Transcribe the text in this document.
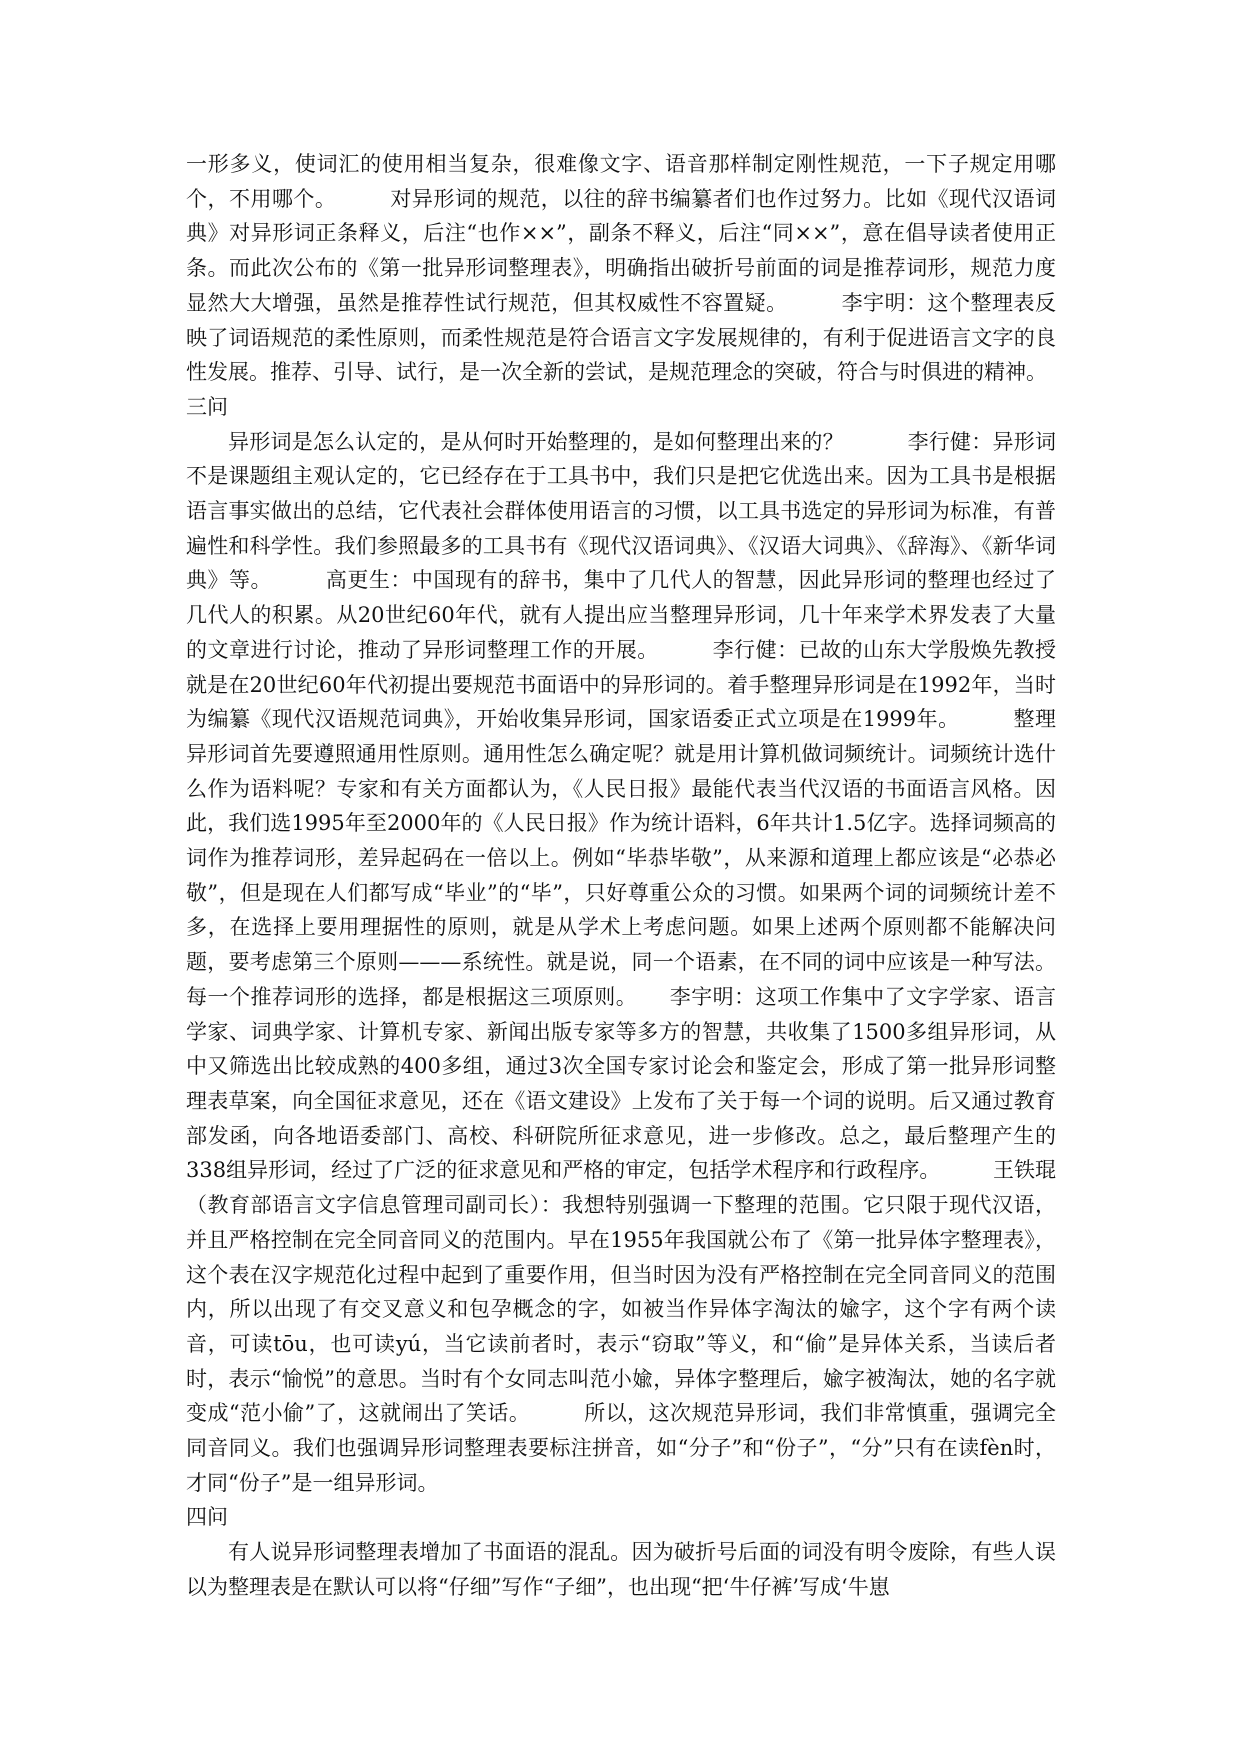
一形多义，使词汇的使用相当复杂，很难像文字、语音那样制定刚性规范，一下子规定用哪个，不用哪个。　　　对异形词的规范，以往的辞书编纂者们也作过努力。比如《现代汉语词典》对异形词正条释义，后注“也作××”，副条不释义，后注“同××”，意在倡导读者使用正条。而此次公布的《第一批异形词整理表》，明确指出破折号前面的词是推荐词形，规范力度显然大大增强，虽然是推荐性试行规范，但其权威性不容置疑。　　　李宇明：这个整理表反映了词语规范的柔性原则，而柔性规范是符合语言文字发展规律的，有利于促进语言文字的良性发展。推荐、引导、试行，是一次全新的尝试，是规范理念的突破，符合与时俱进的精神。

三问

异形词是怎么认定的，是从何时开始整理的，是如何整理出来的？　　　李行健：异形词不是课题组主观认定的，它已经存在于工具书中，我们只是把它优选出来。因为工具书是根据语言事实做出的总结，它代表社会群体使用语言的习惯，以工具书选定的异形词为标准，有普遍性和科学性。我们参照最多的工具书有《现代汉语词典》、《汉语大词典》、《辞海》、《新华词典》等。　　　高更生：中国现有的辞书，集中了几代人的智慧，因此异形词的整理也经过了几代人的积累。从20世纪60年代，就有人提出应当整理异形词，几十年来学术界发表了大量的文章进行讨论，推动了异形词整理工作的开展。　　　李行健：已故的山东大学殷焕先教授就是在20世纪60年代初提出要规范书面语中的异形词的。着手整理异形词是在1992年，当时为编纂《现代汉语规范词典》，开始收集异形词，国家语委正式立项是在1999年。　　　整理异形词首先要遵照通用性原则。通用性怎么确定呢？就是用计算机做词频统计。词频统计选什么作为语料呢？专家和有关方面都认为，《人民日报》最能代表当代汉语的书面语言风格。因此，我们选1995年至2000年的《人民日报》作为统计语料，6年共计1.5亿字。选择词频高的词作为推荐词形，差异起码在一倍以上。例如“毕恭毕敬”，从来源和道理上都应该是“必恭必敬”，但是现在人们都写成“毕业”的“毕”，只好尊重公众的习惯。如果两个词的词频统计差不多，在选择上要用理据性的原则，就是从学术上考虑问题。如果上述两个原则都不能解决问题，要考虑第三个原则———系统性。就是说，同一个语素，在不同的词中应该是一种写法。每一个推荐词形的选择，都是根据这三项原则。　　李宇明：这项工作集中了文字学家、语言学家、词典学家、计算机专家、新闻出版专家等多方的智慧，共收集了1500多组异形词，从中又筛选出比较成熟的400多组，通过3次全国专家讨论会和鉴定会，形成了第一批异形词整理表草案，向全国征求意见，还在《语文建设》上发布了关于每一个词的说明。后又通过教育部发函，向各地语委部门、高校、科研院所征求意见，进一步修改。总之，最后整理产生的338组异形词，经过了广泛的征求意见和严格的审定，包括学术程序和行政程序。　　　王铁琨（教育部语言文字信息管理司副司长）：我想特别强调一下整理的范围。它只限于现代汉语，并且严格控制在完全同音同义的范围内。早在1955年我国就公布了《第一批异体字整理表》，这个表在汉字规范化过程中起到了重要作用，但当时因为没有严格控制在完全同音同义的范围内，所以出现了有交叉意义和包孕概念的字，如被当作异体字淘汰的婾字，这个字有两个读音，可读tōu，也可读yú，当它读前者时，表示“窃取”等义，和“偷”是异体关系，当读后者时，表示“愉悦”的意思。当时有个女同志叫范小婾，异体字整理后，婾字被淘汰，她的名字就变成“范小偷”了，这就闹出了笑话。　　　所以，这次规范异形词，我们非常慎重，强调完全同音同义。我们也强调异形词整理表要标注拼音，如“分子”和“份子”，“分”只有在读fèn时，才同“份子”是一组异形词。

四问

有人说异形词整理表增加了书面语的混乱。因为破折号后面的词没有明令废除，有些人误以为整理表是在默认可以将“仔细”写作“子细”，也出现“把‘牛仔裤’写成‘牛崽
